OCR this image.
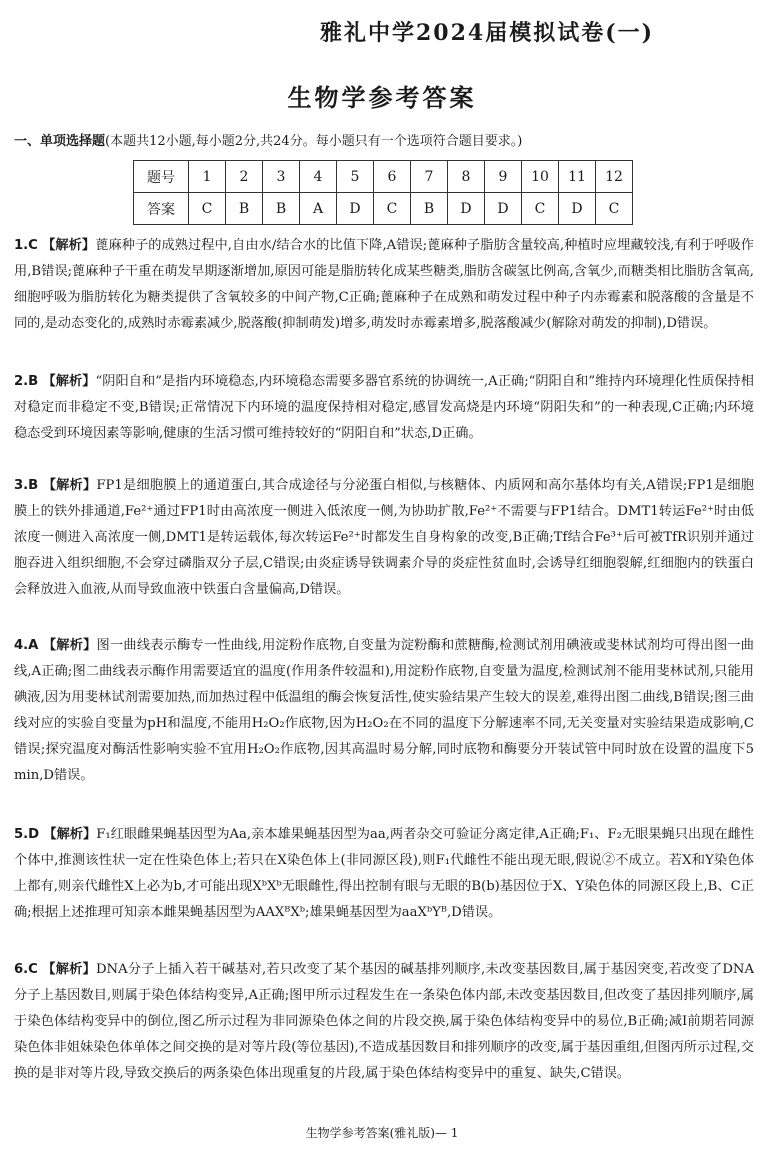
雅礼中学2024届模拟试卷(一)
生物学参考答案
一、单项选择题(本题共12小题,每小题2分,共24分。每小题只有一个选项符合题目要求。)
题号	1	2	3	4	5	6	7	8	9	10	11	12
答案	C	B	B	A	D	C	B	D	D	C	D	C
1.C 【解析】蓖麻种子的成熟过程中,自由水/结合水的比值下降,A错误;蓖麻种子脂肪含量较高,种植时应埋藏较浅,有利于呼吸作用,B错误;蓖麻种子干重在萌发早期逐渐增加,原因可能是脂肪转化成某些糖类,脂肪含碳氢比例高,含氧少,而糖类相比脂肪含氧高,细胞呼吸为脂肪转化为糖类提供了含氧较多的中间产物,C正确;蓖麻种子在成熟和萌发过程中种子内赤霉素和脱落酸的含量是不同的,是动态变化的,成熟时赤霉素减少,脱落酸(抑制萌发)增多,萌发时赤霉素增多,脱落酸减少(解除对萌发的抑制),D错误。
2.B 【解析】“阴阳自和”是指内环境稳态,内环境稳态需要多器官系统的协调统一,A正确;“阴阳自和”维持内环境理化性质保持相对稳定而非稳定不变,B错误;正常情况下内环境的温度保持相对稳定,感冒发高烧是内环境“阴阳失和”的一种表现,C正确;内环境稳态受到环境因素等影响,健康的生活习惯可维持较好的“阴阳自和”状态,D正确。
3.B 【解析】FP1是细胞膜上的通道蛋白,其合成途径与分泌蛋白相似,与核糖体、内质网和高尔基体均有关,A错误;FP1是细胞膜上的铁外排通道,Fe²⁺通过FP1时由高浓度一侧进入低浓度一侧,为协助扩散,Fe²⁺不需要与FP1结合。DMT1转运Fe²⁺时由低浓度一侧进入高浓度一侧,DMT1是转运载体,每次转运Fe²⁺时都发生自身构象的改变,B正确;Tf结合Fe³⁺后可被TfR识别并通过胞吞进入组织细胞,不会穿过磷脂双分子层,C错误;由炎症诱导铁调素介导的炎症性贫血时,会诱导红细胞裂解,红细胞内的铁蛋白会释放进入血液,从而导致血液中铁蛋白含量偏高,D错误。
4.A 【解析】图一曲线表示酶专一性曲线,用淀粉作底物,自变量为淀粉酶和蔗糖酶,检测试剂用碘液或斐林试剂均可得出图一曲线,A正确;图二曲线表示酶作用需要适宜的温度(作用条件较温和),用淀粉作底物,自变量为温度,检测试剂不能用斐林试剂,只能用碘液,因为用斐林试剂需要加热,而加热过程中低温组的酶会恢复活性,使实验结果产生较大的误差,难得出图二曲线,B错误;图三曲线对应的实验自变量为pH和温度,不能用H₂O₂作底物,因为H₂O₂在不同的温度下分解速率不同,无关变量对实验结果造成影响,C错误;探究温度对酶活性影响实验不宜用H₂O₂作底物,因其高温时易分解,同时底物和酶要分开装试管中同时放在设置的温度下5 min,D错误。
5.D 【解析】F₁红眼雌果蝇基因型为Aa,亲本雄果蝇基因型为aa,两者杂交可验证分离定律,A正确;F₁、F₂无眼果蝇只出现在雌性个体中,推测该性状一定在性染色体上;若只在X染色体上(非同源区段),则F₁代雌性不能出现无眼,假说②不成立。若X和Y染色体上都有,则亲代雌性X上必为b,才可能出现XᵇXᵇ无眼雌性,得出控制有眼与无眼的B(b)基因位于X、Y染色体的同源区段上,B、C正确;根据上述推理可知亲本雌果蝇基因型为AAXᴮXᵇ;雄果蝇基因型为aaXᵇYᴮ,D错误。
6.C 【解析】DNA分子上插入若干碱基对,若只改变了某个基因的碱基排列顺序,未改变基因数目,属于基因突变,若改变了DNA分子上基因数目,则属于染色体结构变异,A正确;图甲所示过程发生在一条染色体内部,未改变基因数目,但改变了基因排列顺序,属于染色体结构变异中的倒位,图乙所示过程为非同源染色体之间的片段交换,属于染色体结构变异中的易位,B正确;减Ⅰ前期若同源染色体非姐妹染色体单体之间交换的是对等片段(等位基因),不造成基因数目和排列顺序的改变,属于基因重组,但图丙所示过程,交换的是非对等片段,导致交换后的两条染色体出现重复的片段,属于染色体结构变异中的重复、缺失,C错误。
生物学参考答案(雅礼版)— 1
